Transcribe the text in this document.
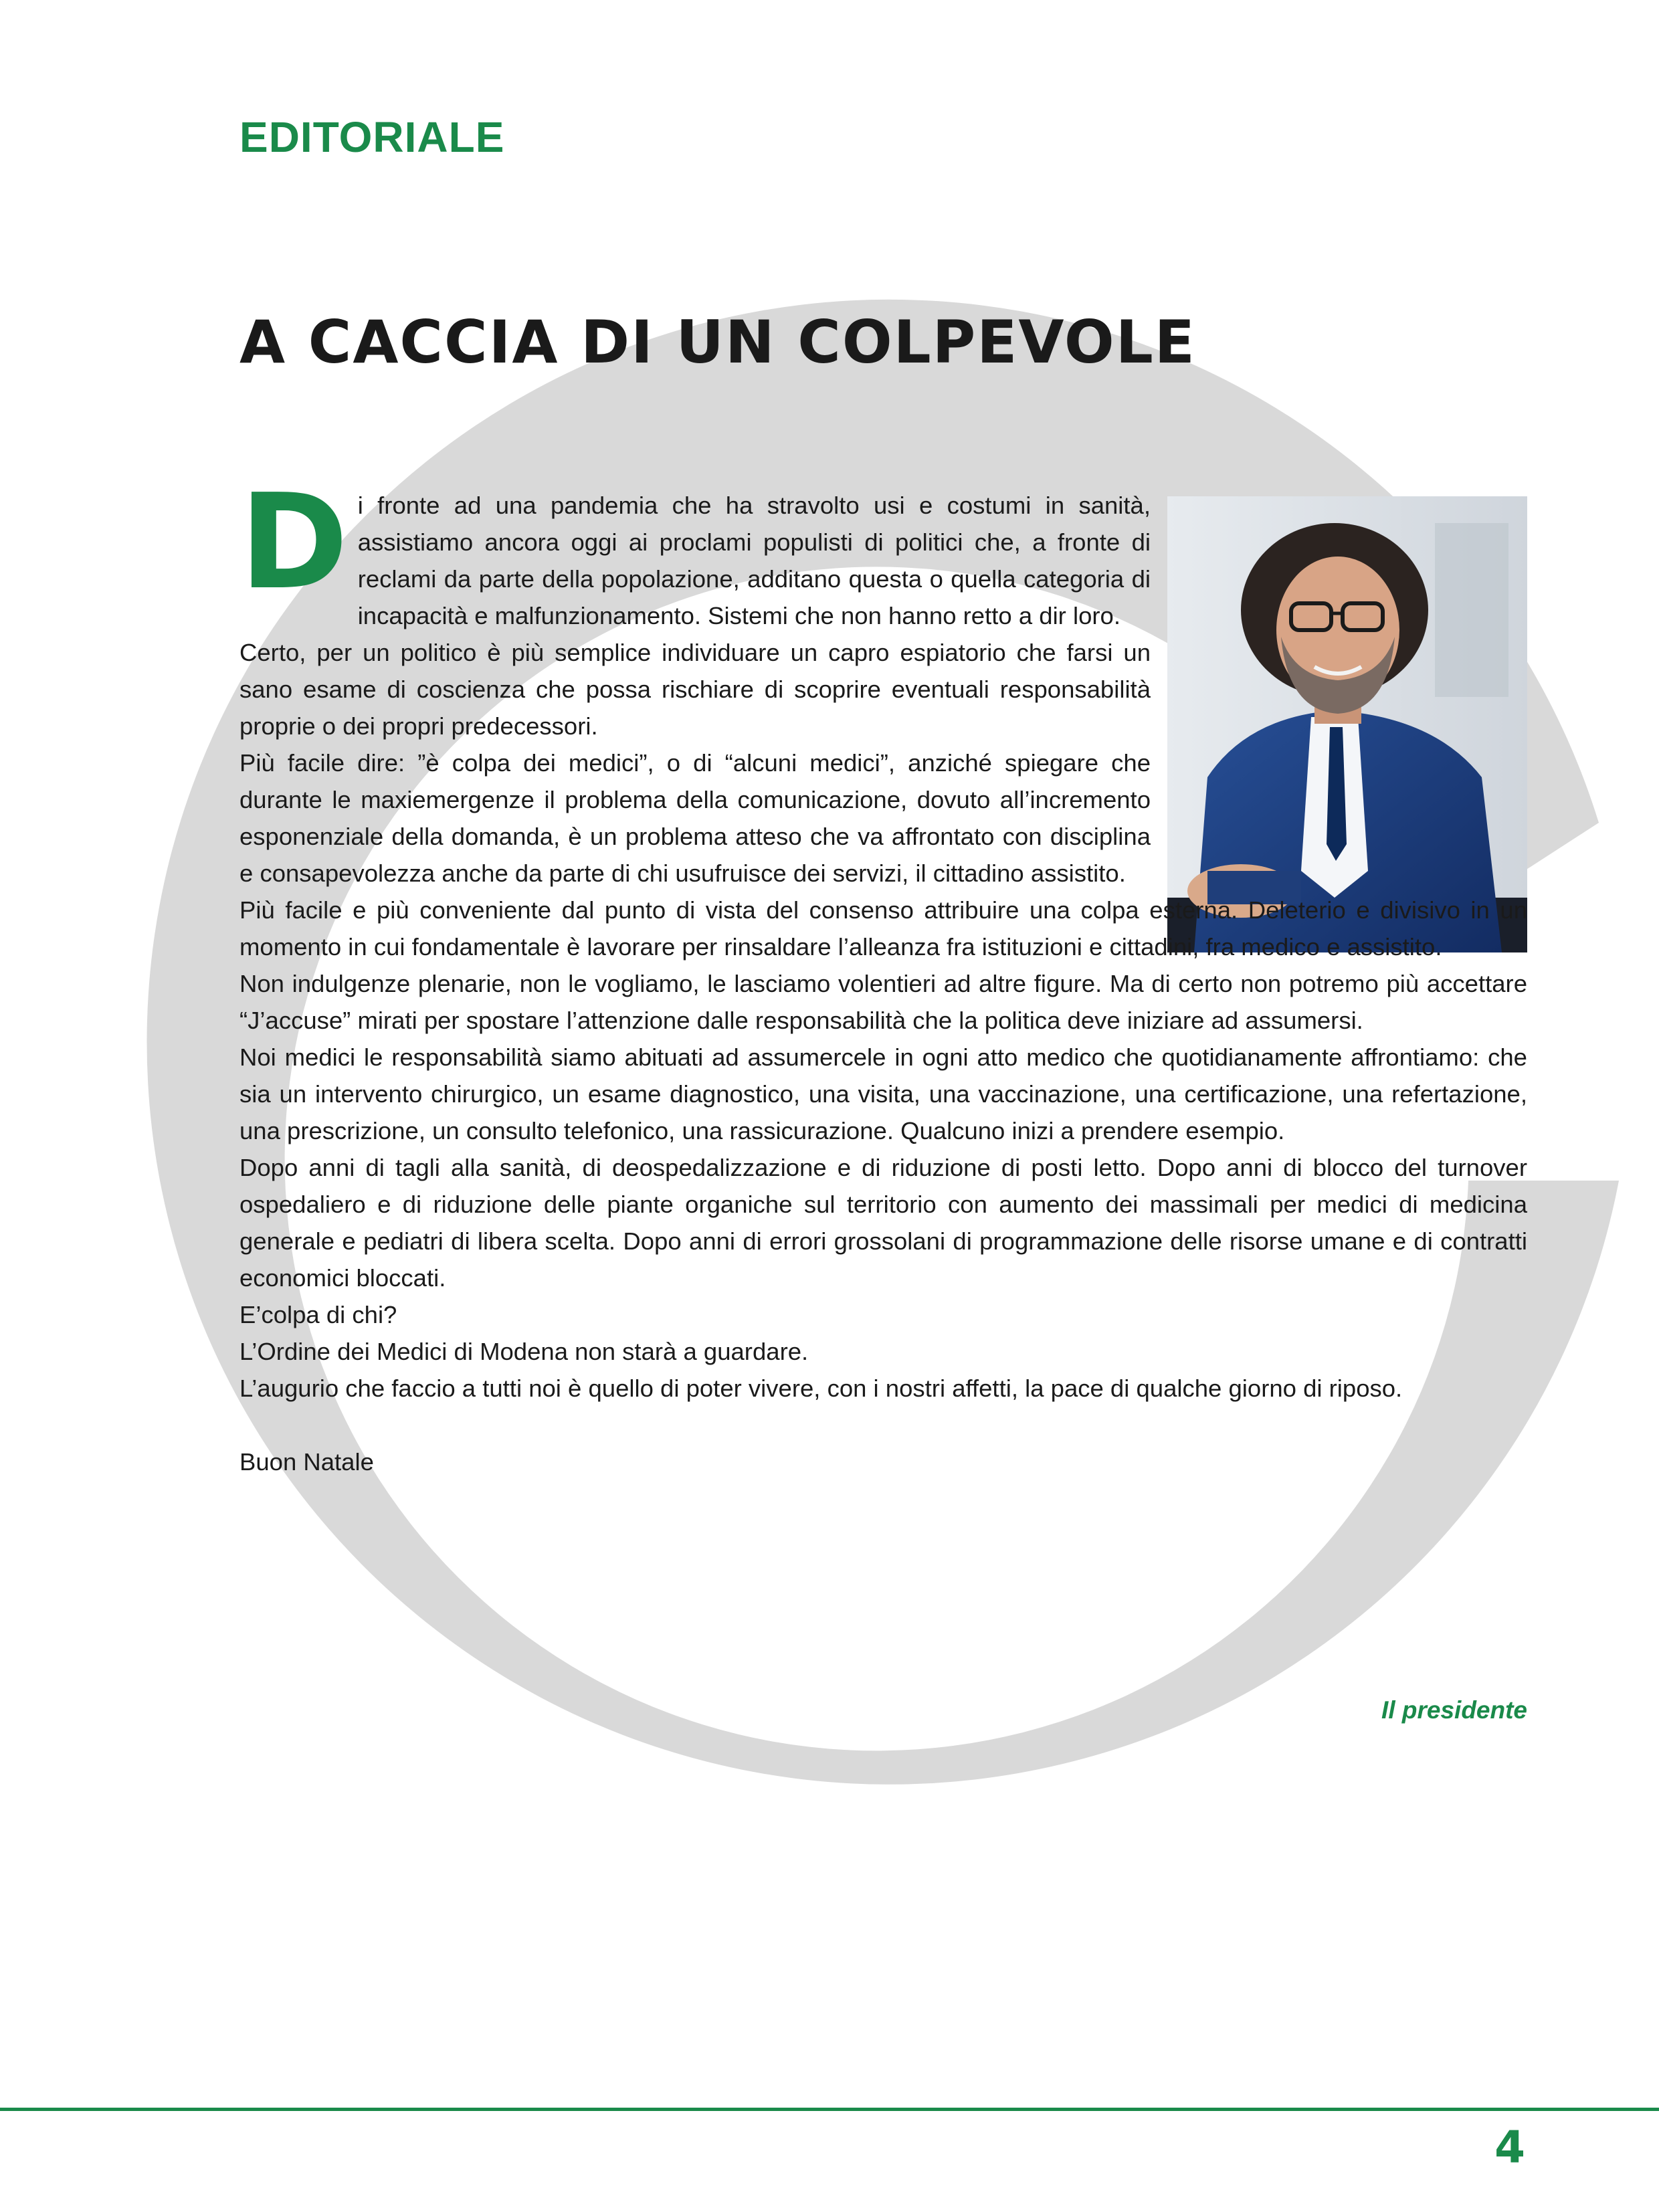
EDITORIALE
A CACCIA DI UN COLPEVOLE

Di fronte ad una pandemia che ha stravolto usi e costumi in sanità, assistiamo ancora oggi ai proclami populisti di politici che, a fronte di reclami da parte della popolazione, additano questa o quella categoria di incapacità e malfunzionamento. Sistemi che non hanno retto a dir loro.

Certo, per un politico è più semplice individuare un capro espiatorio che farsi un sano esame di coscienza che possa rischiare di scoprire eventuali responsabilità proprie o dei propri predecessori.

Più facile dire: ”è colpa dei medici”, o di “alcuni medici”, anziché spiegare che durante le maxiemergenze il problema della comunicazione, dovuto all’incremento esponenziale della domanda, è un problema atteso che va affrontato con disciplina e consapevolezza anche da parte di chi usufruisce dei servizi, il cittadino assistito.

Più facile e più conveniente dal punto di vista del consenso attribuire una colpa esterna. Deleterio e divisivo in un momento in cui fondamentale è lavorare per rinsaldare l’alleanza fra istituzioni e cittadini, fra medico e assistito.

Non indulgenze plenarie, non le vogliamo, le lasciamo volentieri ad altre figure. Ma di certo non potremo più accettare “J’accuse” mirati per spostare l’attenzione dalle responsabilità che la politica deve iniziare ad assumersi.

Noi medici le responsabilità siamo abituati ad assumercele in ogni atto medico che quotidianamente affrontiamo: che sia un intervento chirurgico, un esame diagnostico, una visita, una vaccinazione, una certificazione, una refertazione, una prescrizione, un consulto telefonico, una rassicurazione. Qualcuno inizi a prendere esempio.

Dopo anni di tagli alla sanità, di deospedalizzazione e di riduzione di posti letto. Dopo anni di blocco del turnover ospedaliero e di riduzione delle piante organiche sul territorio con aumento dei massimali per medici di medicina generale e pediatri di libera scelta. Dopo anni di errori grossolani di programmazione delle risorse umane e di contratti economici bloccati.

E’colpa di chi?

L’Ordine dei Medici di Modena non starà a guardare.

L’augurio che faccio a tutti noi è quello di poter vivere, con i nostri affetti, la pace di qualche giorno di riposo.

Buon Natale

Il presidente
4
